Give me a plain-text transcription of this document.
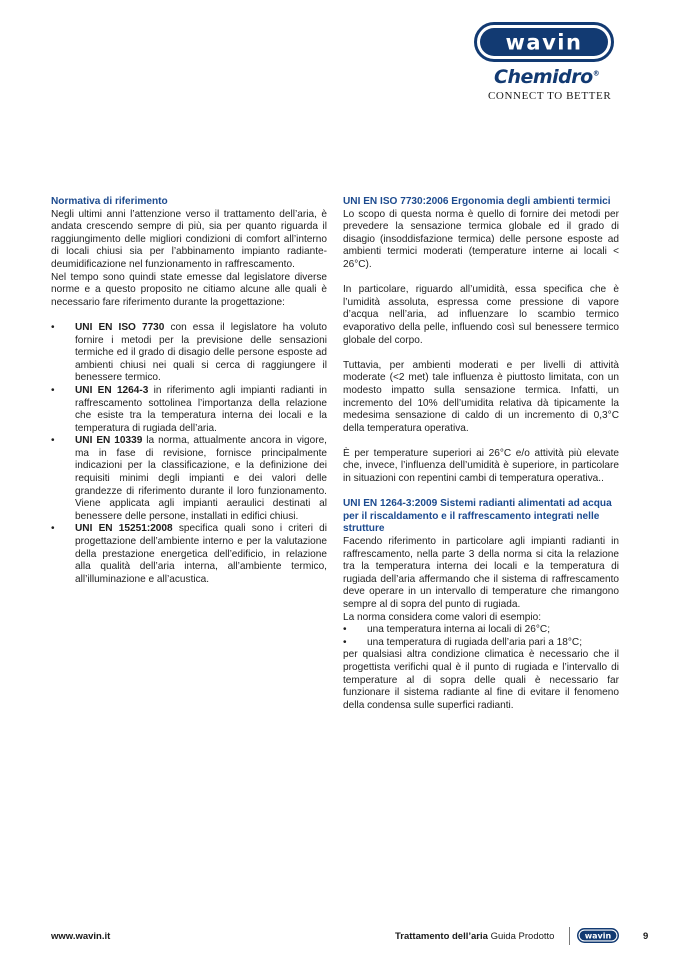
wavin
Chemidro®
CONNECT TO BETTER
Normativa di riferimento
Negli ultimi anni l’attenzione verso il trattamento dell’aria, è andata crescendo sempre di più, sia per quanto riguarda il raggiungimento delle migliori condizioni di comfort all’interno di locali chiusi sia per l’abbinamento impianto radiante-deumidificazione nel funzionamento in raffrescamento.
Nel tempo sono quindi state emesse dal legislatore diverse norme e a questo proposito ne citiamo alcune alle quali è necessario fare riferimento durante la progettazione:
• UNI EN ISO 7730 con essa il legislatore ha voluto fornire i metodi per la previsione delle sensazioni termiche ed il grado di disagio delle persone esposte ad ambienti chiusi nei quali si cerca di raggiungere il benessere termico.
• UNI EN 1264-3 in riferimento agli impianti radianti in raffrescamento sottolinea l’importanza della relazione che esiste tra la temperatura interna dei locali e la temperatura di rugiada dell’aria.
• UNI EN 10339 la norma, attualmente ancora in vigore, ma in fase di revisione, fornisce principalmente indicazioni per la classificazione, e la definizione dei requisiti minimi degli impianti e dei valori delle grandezze di riferimento durante il loro funzionamento. Viene applicata agli impianti aeraulici destinati al benessere delle persone, installati in edifici chiusi.
• UNI EN 15251:2008 specifica quali sono i criteri di progettazione dell’ambiente interno e per la valutazione della prestazione energetica dell’edificio, in relazione alla qualità dell’aria interna, all’ambiente termico, all’illuminazione e all’acustica.
UNI EN ISO 7730:2006 Ergonomia degli ambienti termici
Lo scopo di questa norma è quello di fornire dei metodi per prevedere la sensazione termica globale ed il grado di disagio (insoddisfazione termica) delle persone esposte ad ambienti termici moderati (temperature interne ai locali < 26°C).
In particolare, riguardo all’umidità, essa specifica che è l’umidità assoluta, espressa come pressione di vapore d’acqua nell’aria, ad influenzare lo scambio termico evaporativo della pelle, influendo così sul benessere termico globale del corpo.
Tuttavia, per ambienti moderati e per livelli di attività moderate (<2 met) tale influenza è piuttosto limitata, con un modesto impatto sulla sensazione termica. Infatti, un incremento del 10% dell’umidita relativa dà tipicamente la medesima sensazione di caldo di un incremento di 0,3°C della temperatura operativa.
È per temperature superiori ai 26°C e/o attività più elevate che, invece, l’influenza dell’umidità è superiore, in particolare in situazioni con repentini cambi di temperatura operativa..
UNI EN 1264-3:2009 Sistemi radianti alimentati ad acqua per il riscaldamento e il raffrescamento integrati nelle strutture
Facendo riferimento in particolare agli impianti radianti in raffrescamento, nella parte 3 della norma si cita la relazione tra la temperatura interna dei locali e la temperatura di rugiada dell’aria affermando che il sistema di raffrescamento deve operare in un intervallo di temperature che rimangono sempre al di sopra del punto di rugiada.
La norma considera come valori di esempio:
• una temperatura interna ai locali di 26°C;
• una temperatura di rugiada dell’aria pari a 18°C;
per qualsiasi altra condizione climatica è necessario che il progettista verifichi qual è il punto di rugiada e l’intervallo di temperature al di sopra delle quali è necessario far funzionare il sistema radiante al fine di evitare il fenomeno della condensa sulle superfici radianti.
www.wavin.it	Trattamento dell’aria Guida Prodotto	wavin	9
